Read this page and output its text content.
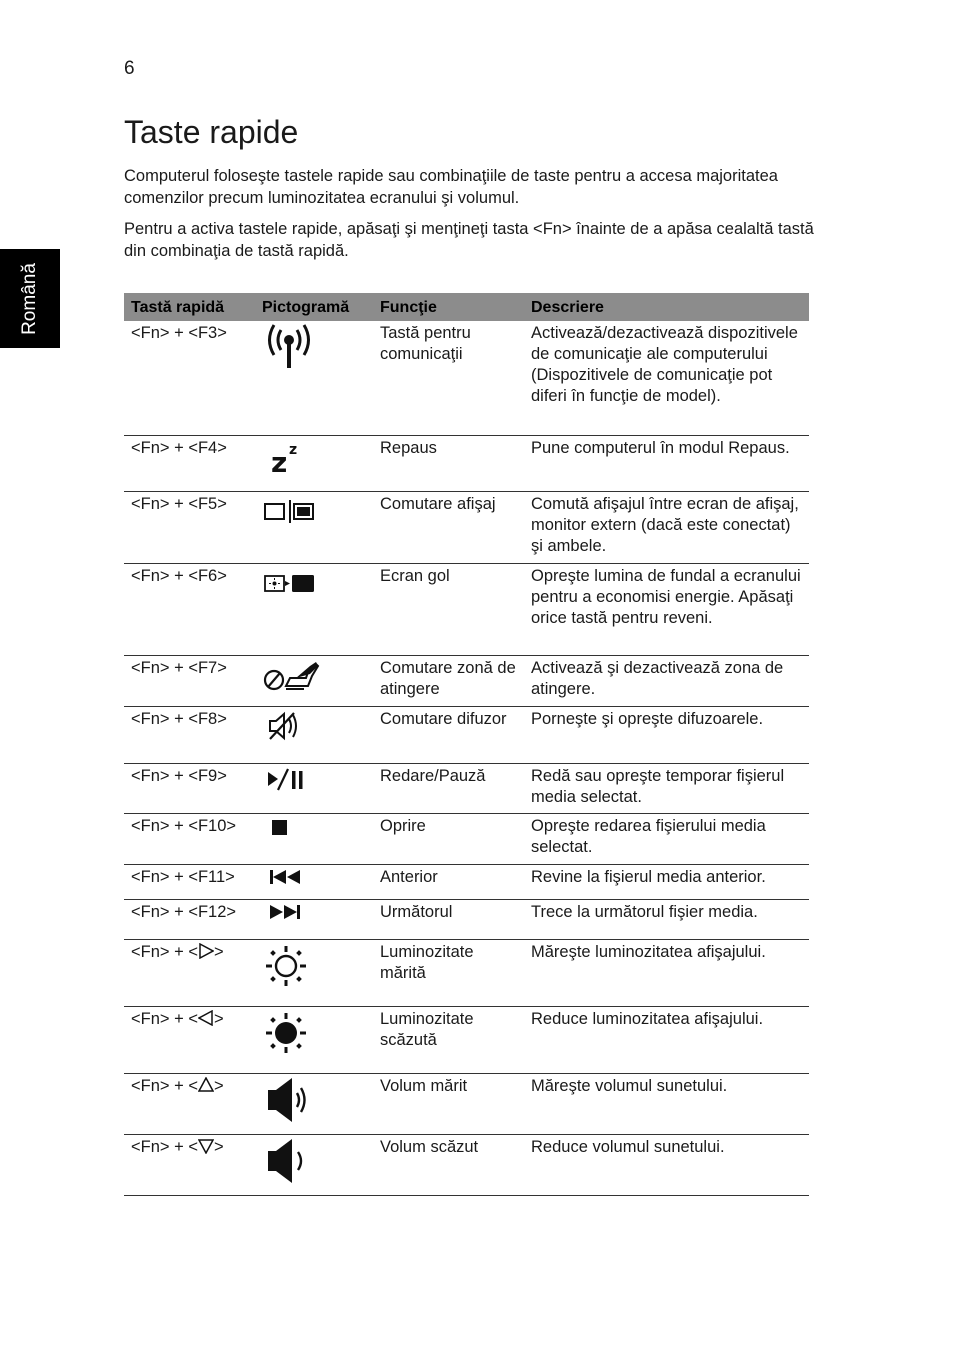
6
Română
Taste rapide

Computerul foloseşte tastele rapide sau combinaţiile de taste pentru a accesa majoritatea comenzilor precum luminozitatea ecranului şi volumul.

Pentru a activa tastele rapide, apăsaţi şi menţineţi tasta <Fn> înainte de a apăsa cealaltă tastă din combinaţia de tastă rapidă.

Tastă rapidă	Pictogramă	Funcţie	Descriere
<Fn> + <F3>		Tastă pentru comunicaţii	Activează/dezactivează dispozitivele de comunicaţie ale computerului (Dispozitivele de comunicaţie pot diferi în funcţie de model).
<Fn> + <F4>	z z	Repaus	Pune computerul în modul Repaus.
<Fn> + <F5>		Comutare afişaj	Comută afişajul între ecran de afişaj, monitor extern (dacă este conectat) şi ambele.
<Fn> + <F6>		Ecran gol	Opreşte lumina de fundal a ecranului pentru a economisi energie. Apăsaţi orice tastă pentru reveni.
<Fn> + <F7>		Comutare zonă de atingere	Activează şi dezactivează zona de atingere.
<Fn> + <F8>		Comutare difuzor	Porneşte şi opreşte difuzoarele.
<Fn> + <F9>		Redare/Pauză	Redă sau opreşte temporar fişierul media selectat.
<Fn> + <F10>		Oprire	Opreşte redarea fişierului media selectat.
<Fn> + <F11>		Anterior	Revine la fişierul media anterior.
<Fn> + <F12>		Următorul	Trece la următorul fişier media.
<Fn> + < >		Luminozitate mărită	Măreşte luminozitatea afişajului.
<Fn> + < >		Luminozitate scăzută	Reduce luminozitatea afişajului.
<Fn> + < >		Volum mărit	Măreşte volumul sunetului.
<Fn> + < >		Volum scăzut	Reduce volumul sunetului.
